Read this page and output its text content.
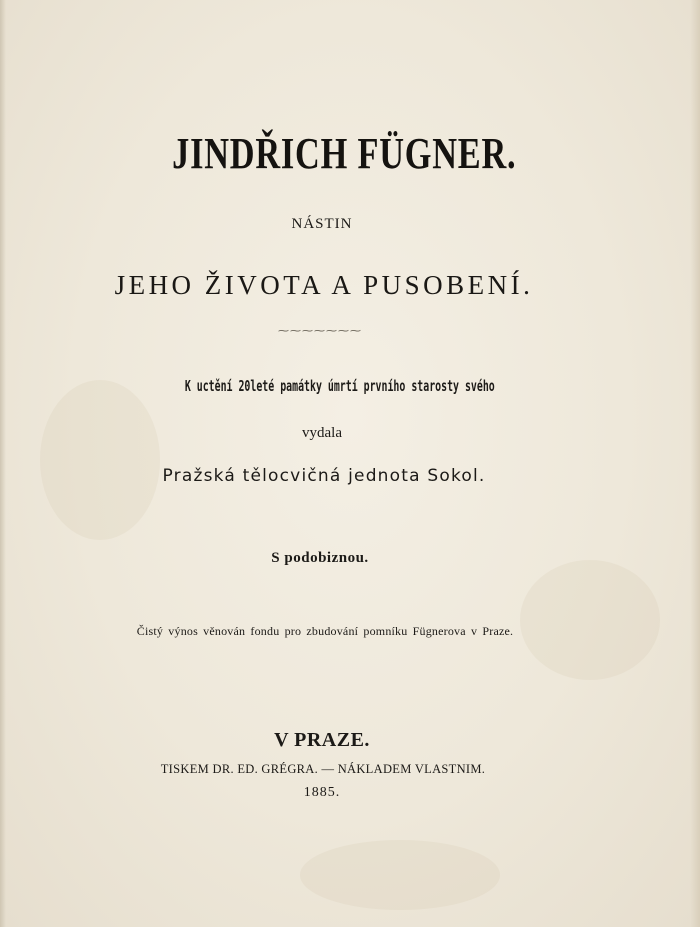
JINDŘICH FÜGNER.
NÁSTIN
JEHO ŽIVOTA A PUSOBENÍ.
⁓⁓⁓⁓⁓⁓⁓
K uctění 20leté památky úmrtí prvního starosty svého
vydala
Pražská tělocvičná jednota Sokol.
S podobiznou.
Čistý výnos věnován fondu pro zbudování pomníku Fügnerova v Praze.
V PRAZE.
TISKEM DR. ED. GRÉGRA. — NÁKLADEM VLASTNIM.
1885.
